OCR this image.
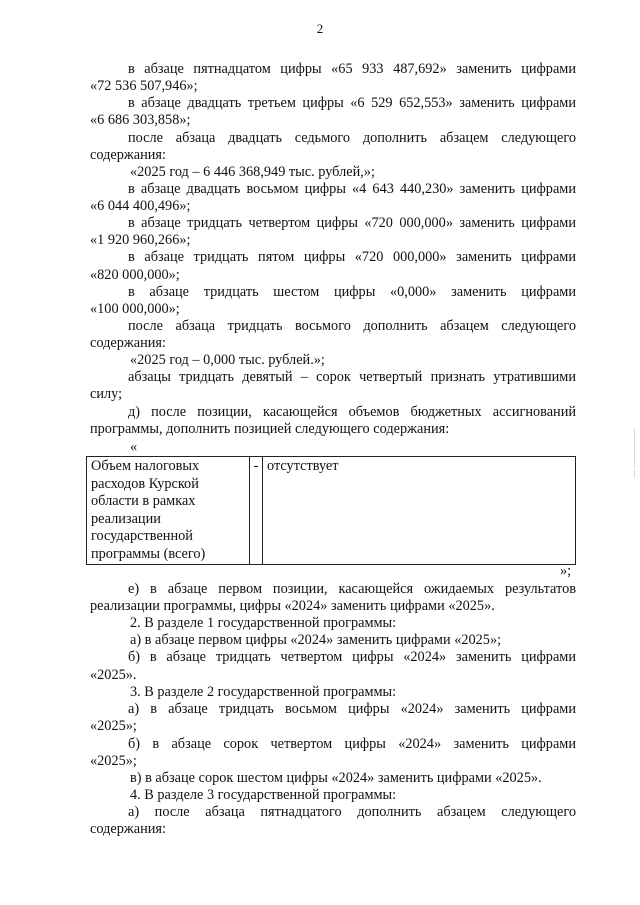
2
в абзаце пятнадцатом цифры «65 933 487,692» заменить цифрами
«72 536 507,946»;
в абзаце двадцать третьем цифры «6 529 652,553» заменить цифрами
«6 686 303,858»;
после абзаца двадцать седьмого дополнить абзацем следующего
содержания:
«2025 год – 6 446 368,949 тыс. рублей,»;
в абзаце двадцать восьмом цифры «4 643 440,230» заменить цифрами
«6 044 400,496»;
в абзаце тридцать четвертом цифры «720 000,000» заменить цифрами
«1 920 960,266»;
в абзаце тридцать пятом цифры «720 000,000» заменить цифрами
«820 000,000»;
в абзаце тридцать шестом цифры «0,000» заменить цифрами
«100 000,000»;
после абзаца тридцать восьмого дополнить абзацем следующего
содержания:
«2025 год – 0,000 тыс. рублей.»;
абзацы тридцать девятый – сорок четвертый признать утратившими
силу;
д) после позиции, касающейся объемов бюджетных ассигнований
программы, дополнить позицией следующего содержания:
«
Объем налоговых
расходов Курской
области в рамках
реализации
государственной
программы (всего)
	-	отсутствует
»;
е) в абзаце первом позиции, касающейся ожидаемых результатов
реализации программы, цифры «2024» заменить цифрами «2025».
2. В разделе 1 государственной программы:
а) в абзаце первом цифры «2024» заменить цифрами «2025»;
б) в абзаце тридцать четвертом цифры «2024» заменить цифрами
«2025».
3. В разделе 2 государственной программы:
а) в абзаце тридцать восьмом цифры «2024» заменить цифрами
«2025»;
б) в абзаце сорок четвертом цифры «2024» заменить цифрами
«2025»;
в) в абзаце сорок шестом цифры «2024» заменить цифрами «2025».
4. В разделе 3 государственной программы:
а) после абзаца пятнадцатого дополнить абзацем следующего
содержания:
